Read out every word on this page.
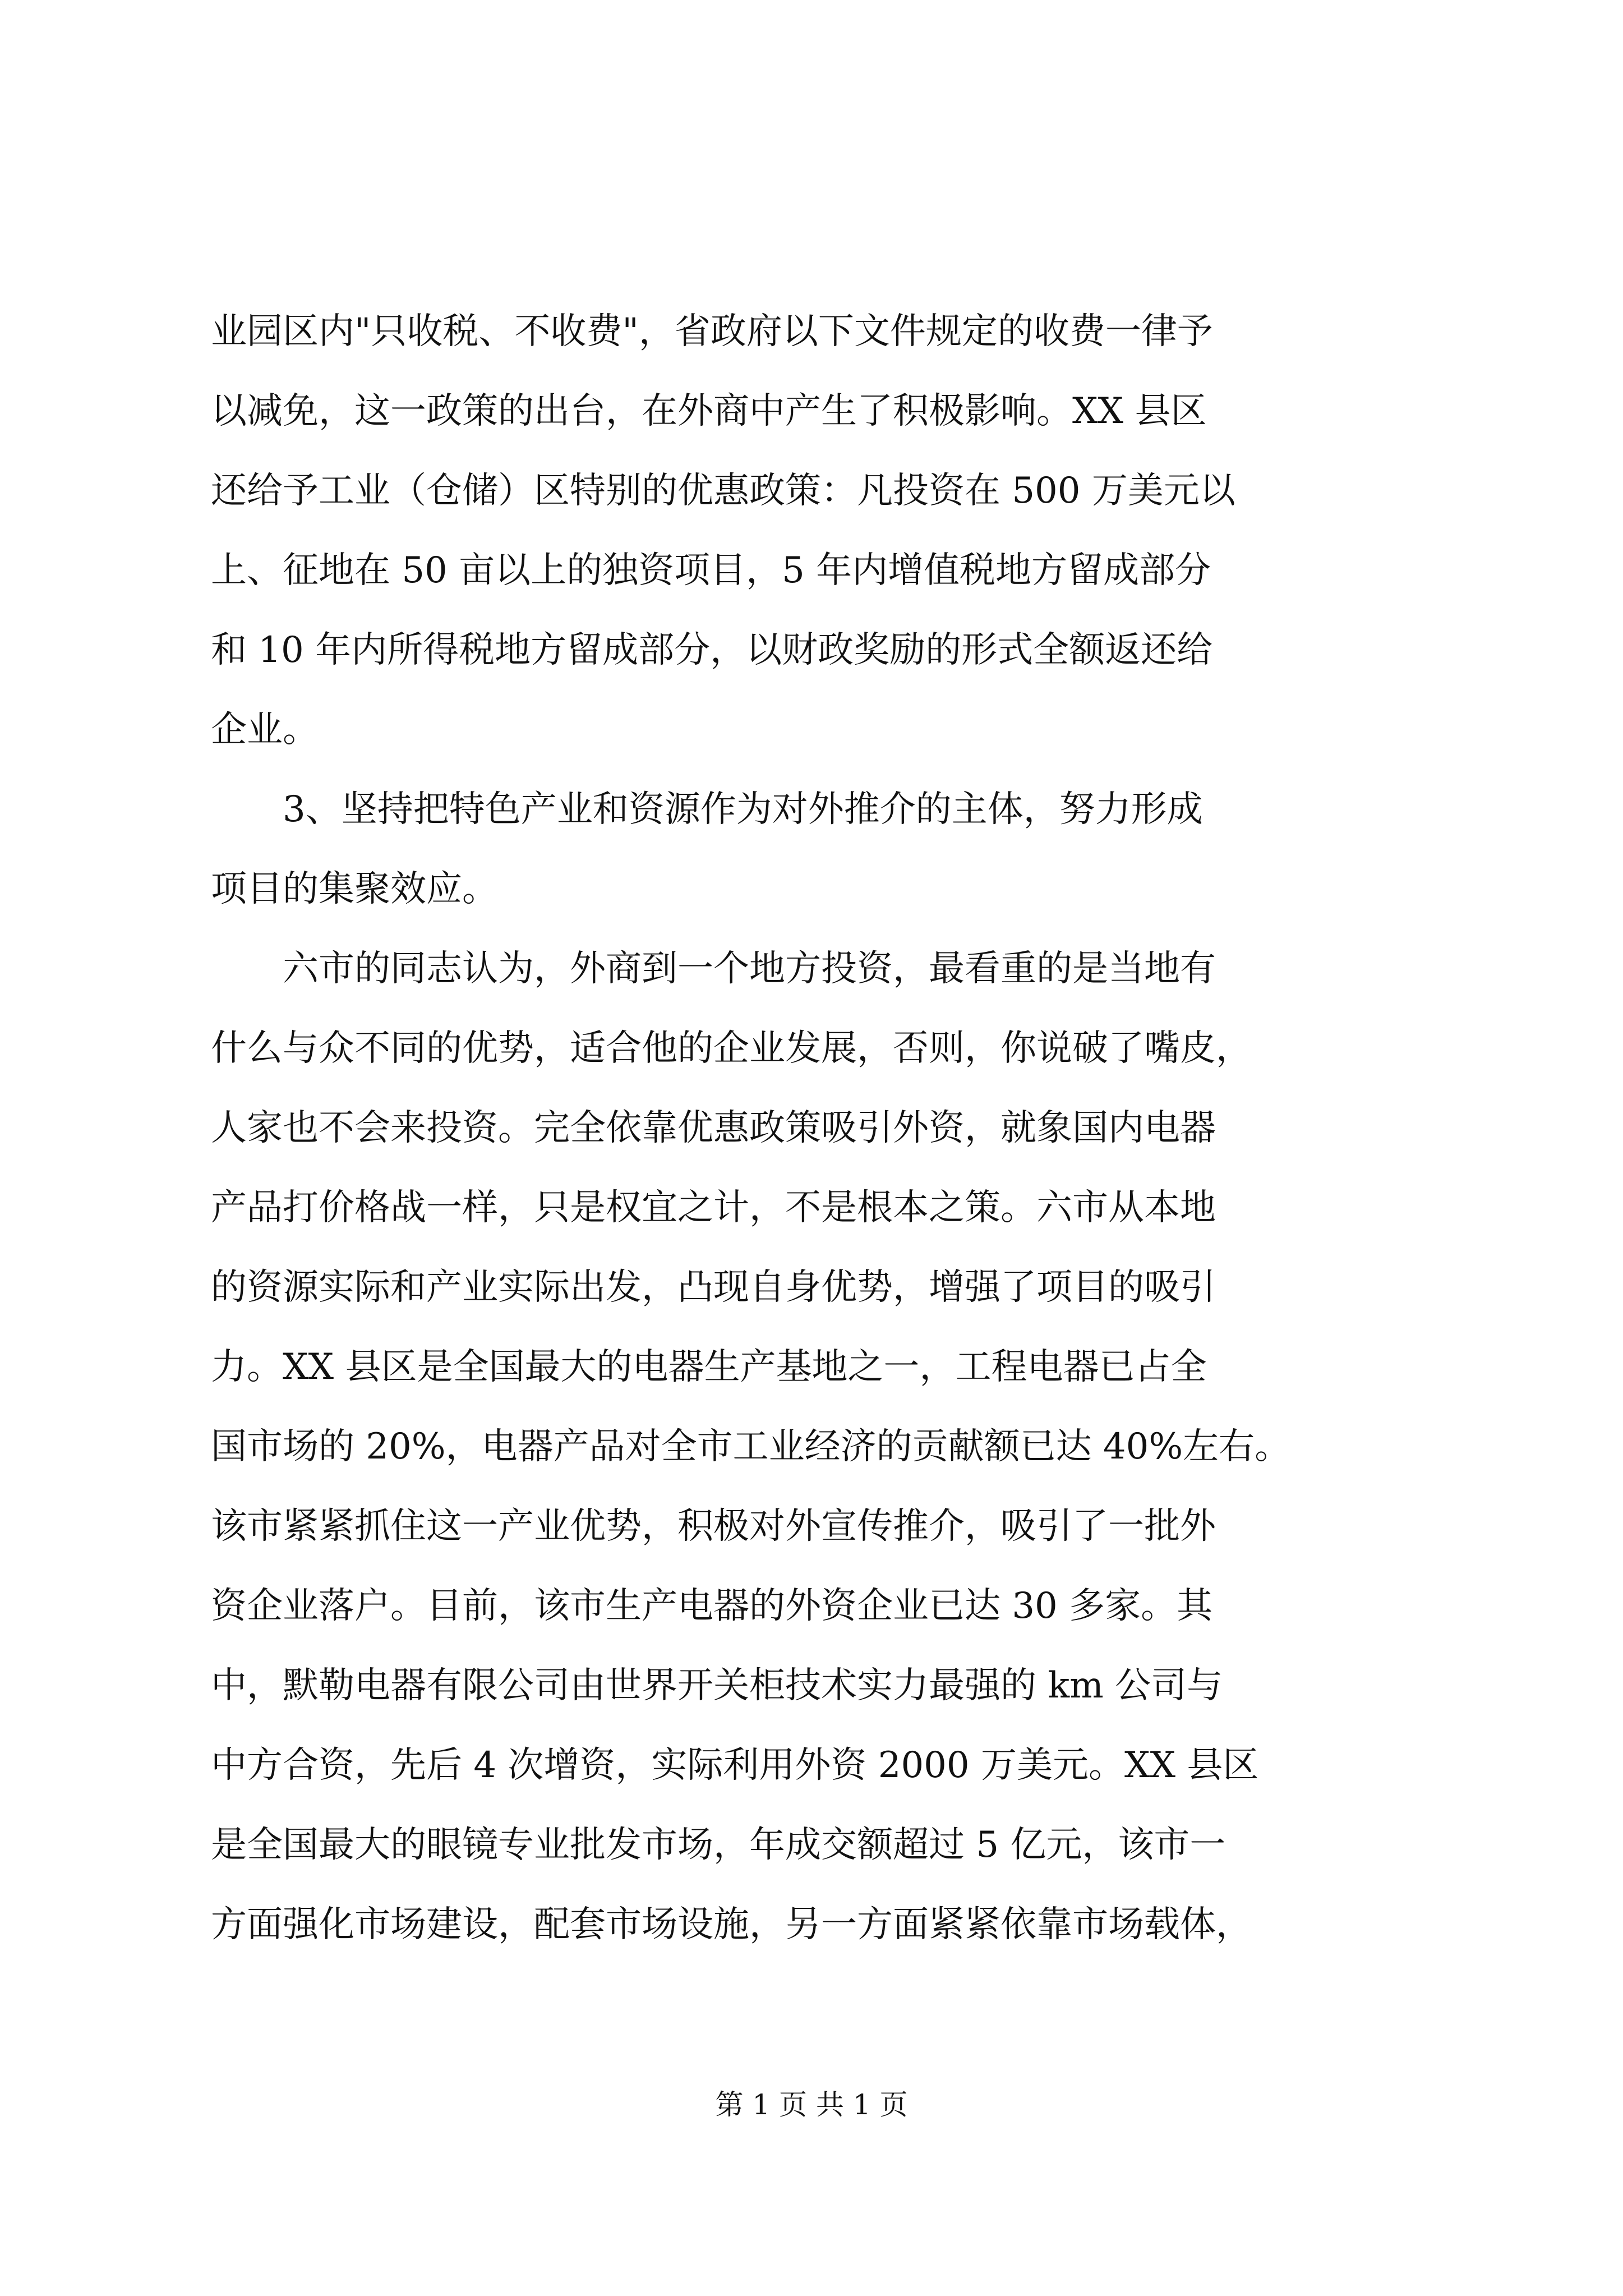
业园区内"只收税、不收费"，省政府以下文件规定的收费一律予
以减免，这一政策的出台，在外商中产生了积极影响。XX 县区
还给予工业（仓储）区特别的优惠政策：凡投资在 500 万美元以
上、征地在 50 亩以上的独资项目，5 年内增值税地方留成部分
和 10 年内所得税地方留成部分，以财政奖励的形式全额返还给
企业。
3、坚持把特色产业和资源作为对外推介的主体，努力形成
项目的集聚效应。
六市的同志认为，外商到一个地方投资，最看重的是当地有
什么与众不同的优势，适合他的企业发展，否则，你说破了嘴皮，
人家也不会来投资。完全依靠优惠政策吸引外资，就象国内电器
产品打价格战一样，只是权宜之计，不是根本之策。六市从本地
的资源实际和产业实际出发，凸现自身优势，增强了项目的吸引
力。XX 县区是全国最大的电器生产基地之一，工程电器已占全
国市场的 20%，电器产品对全市工业经济的贡献额已达 40%左右。
该市紧紧抓住这一产业优势，积极对外宣传推介，吸引了一批外
资企业落户。目前，该市生产电器的外资企业已达 30 多家。其
中，默勒电器有限公司由世界开关柜技术实力最强的 km 公司与
中方合资，先后 4 次增资，实际利用外资 2000 万美元。XX 县区
是全国最大的眼镜专业批发市场，年成交额超过 5 亿元，该市一
方面强化市场建设，配套市场设施，另一方面紧紧依靠市场载体，
第 1 页 共 1 页
